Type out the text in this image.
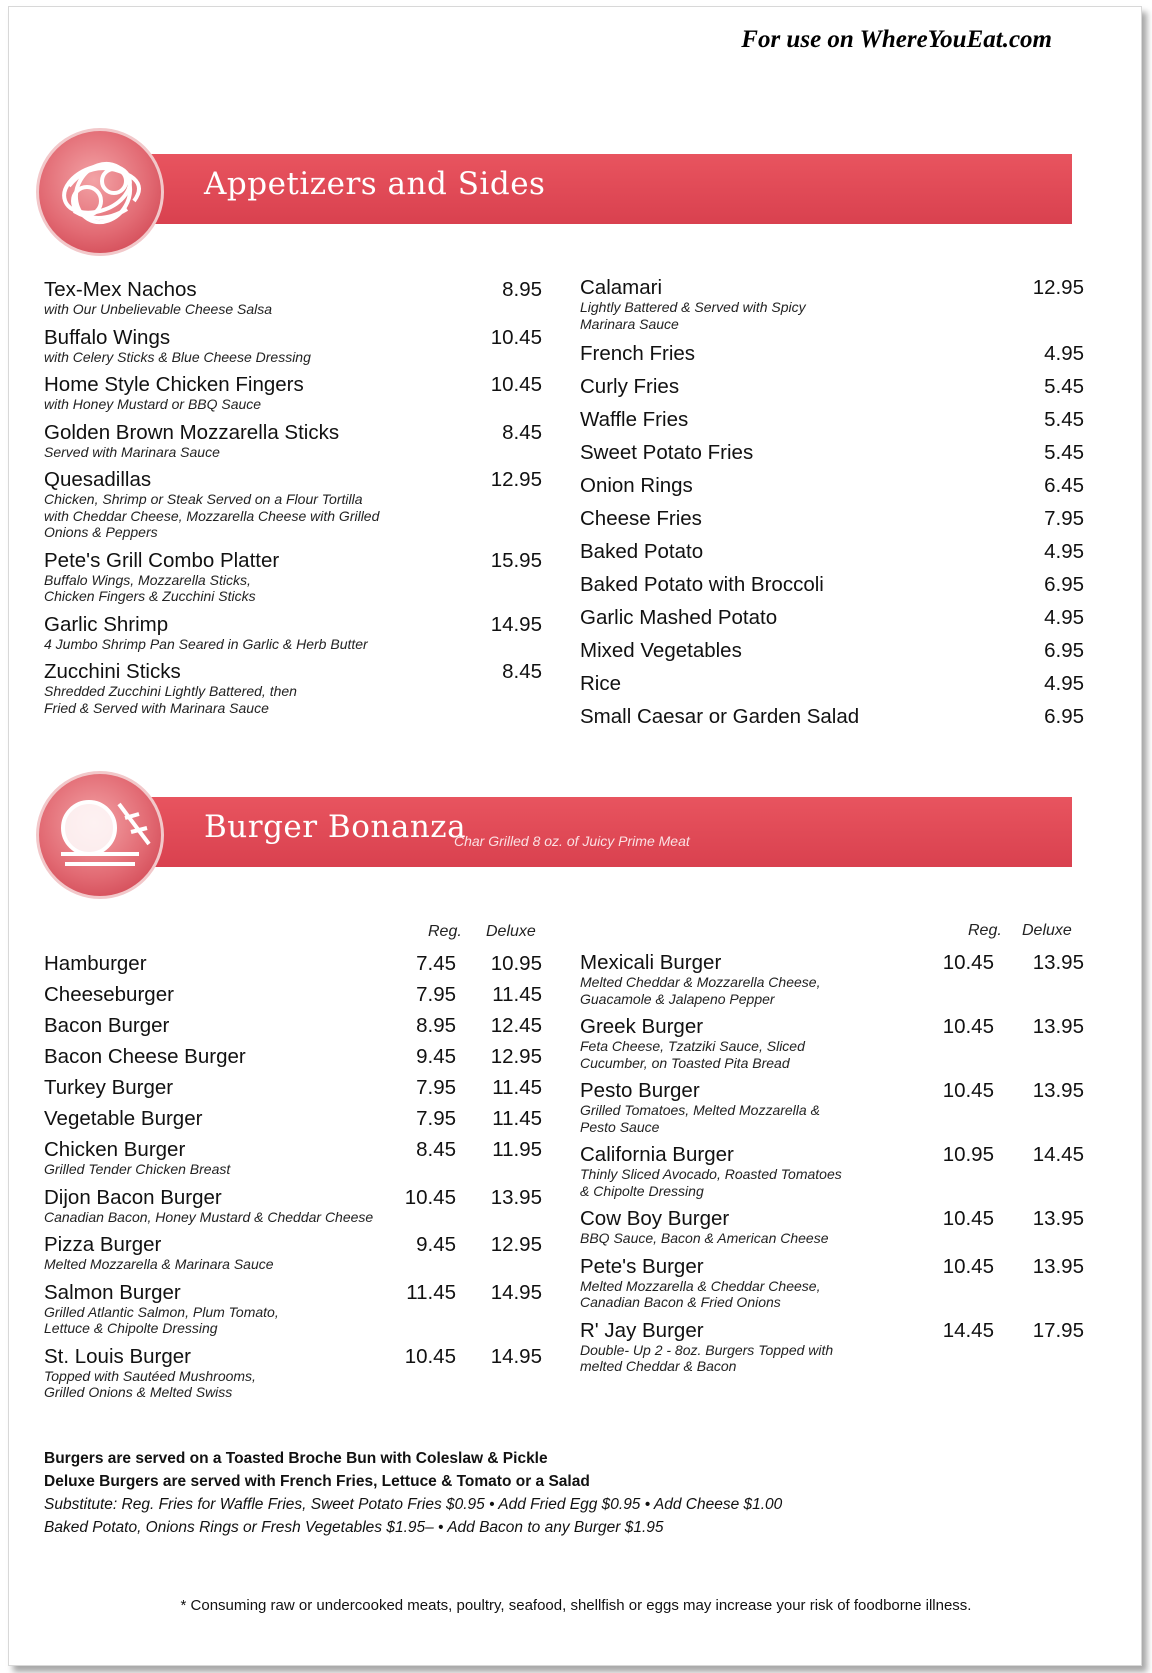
For use on WhereYouEat.com
Appetizers and Sides
Tex-Mex Nachos
with Our Unbelievable Cheese Salsa
8.95
Buffalo Wings
with Celery Sticks & Blue Cheese Dressing
10.45
Home Style Chicken Fingers
with Honey Mustard or BBQ Sauce
10.45
Golden Brown Mozzarella Sticks
Served with Marinara Sauce
8.45
Quesadillas
Chicken, Shrimp or Steak Served on a Flour Tortilla
with Cheddar Cheese, Mozzarella Cheese with Grilled
Onions & Peppers
12.95
Pete's Grill Combo Platter
Buffalo Wings, Mozzarella Sticks,
Chicken Fingers & Zucchini Sticks
15.95
Garlic Shrimp
4 Jumbo Shrimp Pan Seared in Garlic & Herb Butter
14.95
Zucchini Sticks
Shredded Zucchini Lightly Battered, then
Fried & Served with Marinara Sauce
8.45
Calamari
Lightly Battered & Served with Spicy
Marinara Sauce
12.95
French Fries	4.95
Curly Fries	5.45
Waffle Fries	5.45
Sweet Potato Fries	5.45
Onion Rings	6.45
Cheese Fries	7.95
Baked Potato	4.95
Baked Potato with Broccoli	6.95
Garlic Mashed Potato	4.95
Mixed Vegetables	6.95
Rice	4.95
Small Caesar or Garden Salad	6.95
Burger Bonanza
Char Grilled 8 oz. of Juicy Prime Meat
Reg. Deluxe	Reg. Deluxe
Hamburger	7.45 10.95
Cheeseburger	7.95 11.45
Bacon Burger	8.95 12.45
Bacon Cheese Burger	9.45 12.95
Turkey Burger	7.95 11.45
Vegetable Burger	7.95 11.45
Chicken Burger
Grilled Tender Chicken Breast
8.45 11.95
Dijon Bacon Burger
Canadian Bacon, Honey Mustard & Cheddar Cheese
10.45 13.95
Pizza Burger
Melted Mozzarella & Marinara Sauce
9.45 12.95
Salmon Burger
Grilled Atlantic Salmon, Plum Tomato,
Lettuce & Chipolte Dressing
11.45 14.95
St. Louis Burger
Topped with Sautéed Mushrooms,
Grilled Onions & Melted Swiss
10.45 14.95
Mexicali Burger
Melted Cheddar & Mozzarella Cheese,
Guacamole & Jalapeno Pepper
10.45 13.95
Greek Burger
Feta Cheese, Tzatziki Sauce, Sliced
Cucumber, on Toasted Pita Bread
10.45 13.95
Pesto Burger
Grilled Tomatoes, Melted Mozzarella &
Pesto Sauce
10.45 13.95
California Burger
Thinly Sliced Avocado, Roasted Tomatoes
& Chipolte Dressing
10.95 14.45
Cow Boy Burger
BBQ Sauce, Bacon & American Cheese
10.45 13.95
Pete's Burger
Melted Mozzarella & Cheddar Cheese,
Canadian Bacon & Fried Onions
10.45 13.95
R' Jay Burger
Double- Up 2 - 8oz. Burgers Topped with
melted Cheddar & Bacon
14.45 17.95
Burgers are served on a Toasted Broche Bun with Coleslaw & Pickle
Deluxe Burgers are served with French Fries, Lettuce & Tomato or a Salad
Substitute: Reg. Fries for Waffle Fries, Sweet Potato Fries $0.95 • Add Fried Egg $0.95 • Add Cheese $1.00
Baked Potato, Onions Rings or Fresh Vegetables $1.95– • Add Bacon to any Burger $1.95
* Consuming raw or undercooked meats, poultry, seafood, shellfish or eggs may increase your risk of foodborne illness.
